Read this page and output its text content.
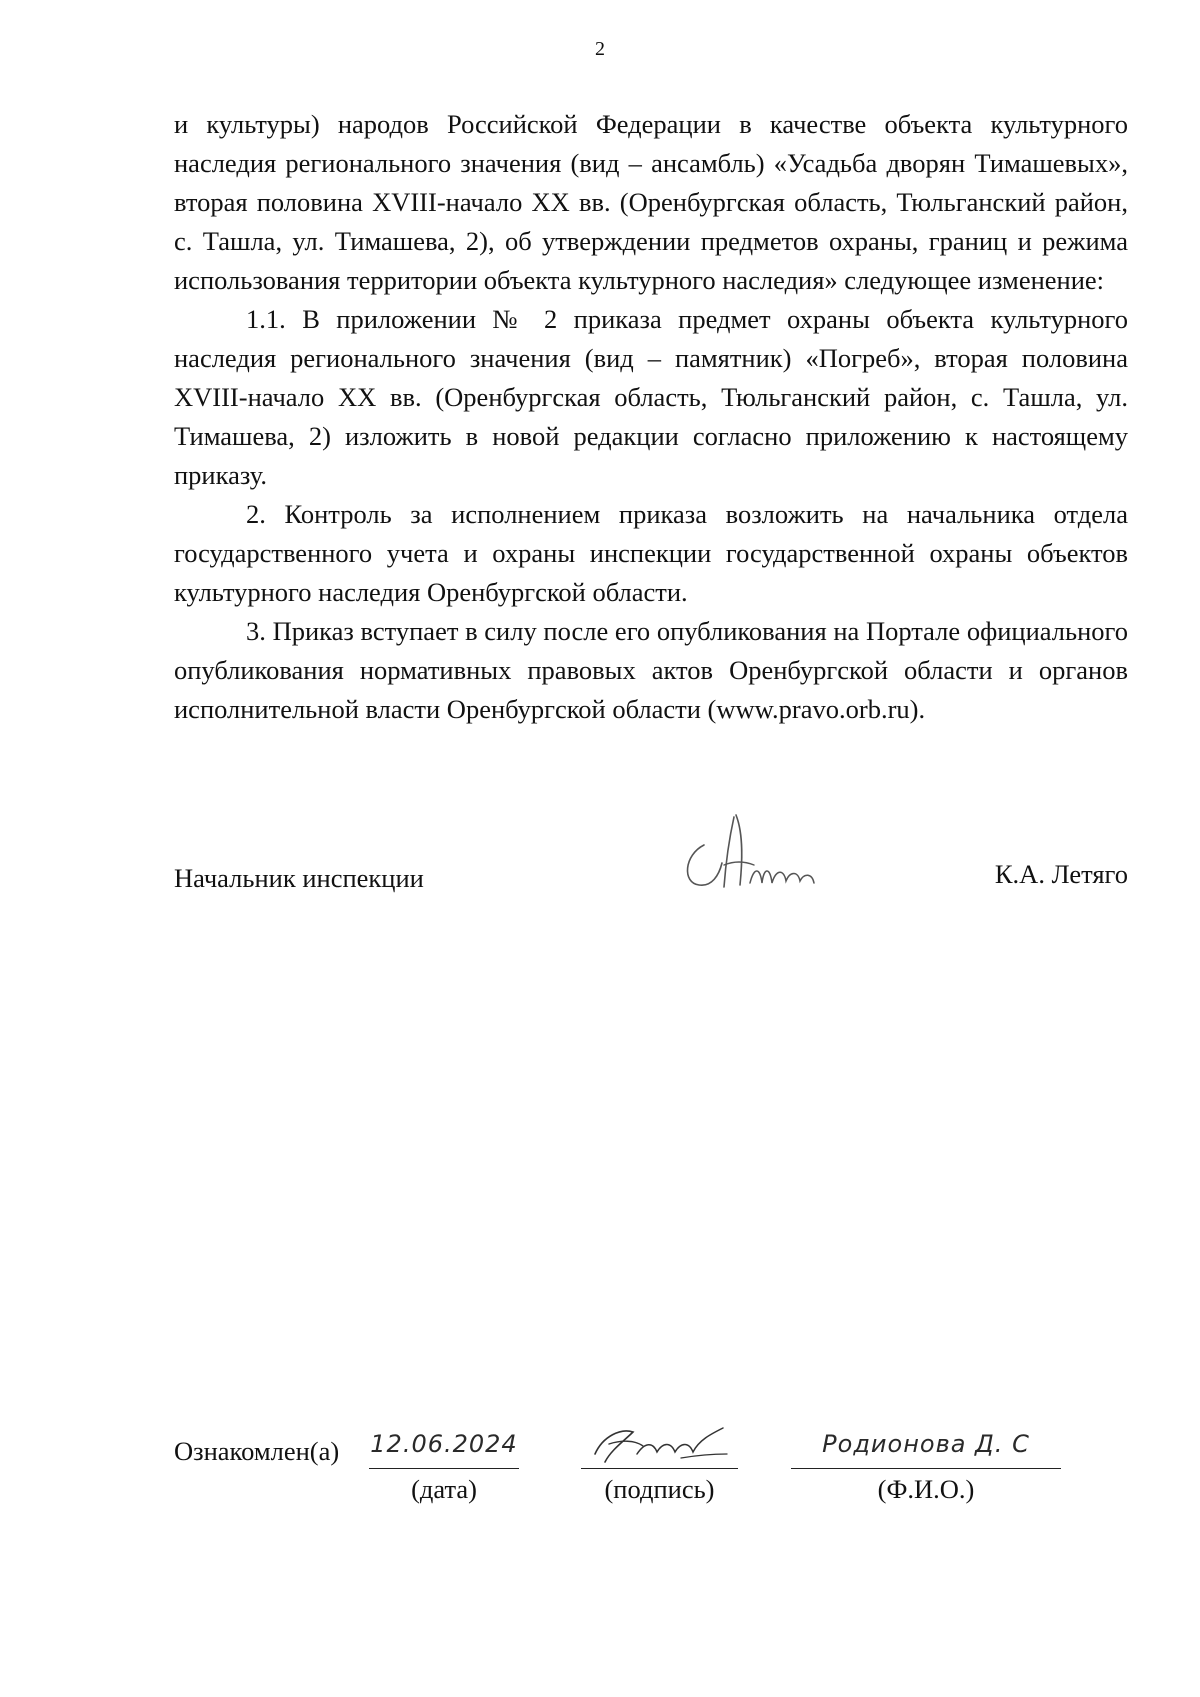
2

и культуры) народов Российской Федерации в качестве объекта культурного наследия регионального значения (вид – ансамбль) «Усадьба дворян Тимашевых», вторая половина XVIII-начало XX вв. (Оренбургская область, Тюльганский район, с. Ташла, ул. Тимашева, 2), об утверждении предметов охраны, границ и режима использования территории объекта культурного наследия» следующее изменение:

1.1. В приложении № 2 приказа предмет охраны объекта культурного наследия регионального значения (вид – памятник) «Погреб», вторая половина XVIII-начало XX вв. (Оренбургская область, Тюльганский район, с. Ташла, ул. Тимашева, 2) изложить в новой редакции согласно приложению к настоящему приказу.

2. Контроль за исполнением приказа возложить на начальника отдела государственного учета и охраны инспекции государственной охраны объектов культурного наследия Оренбургской области.

3. Приказ вступает в силу после его опубликования на Портале официального опубликования нормативных правовых актов Оренбургской области и органов исполнительной власти Оренбургской области (www.pravo.orb.ru).

Начальник инспекции	К.А. Летяго
Ознакомлен(а) 12.06.2024
(дата)	(подпись)
Родионова Д. С
(Ф.И.О.)
